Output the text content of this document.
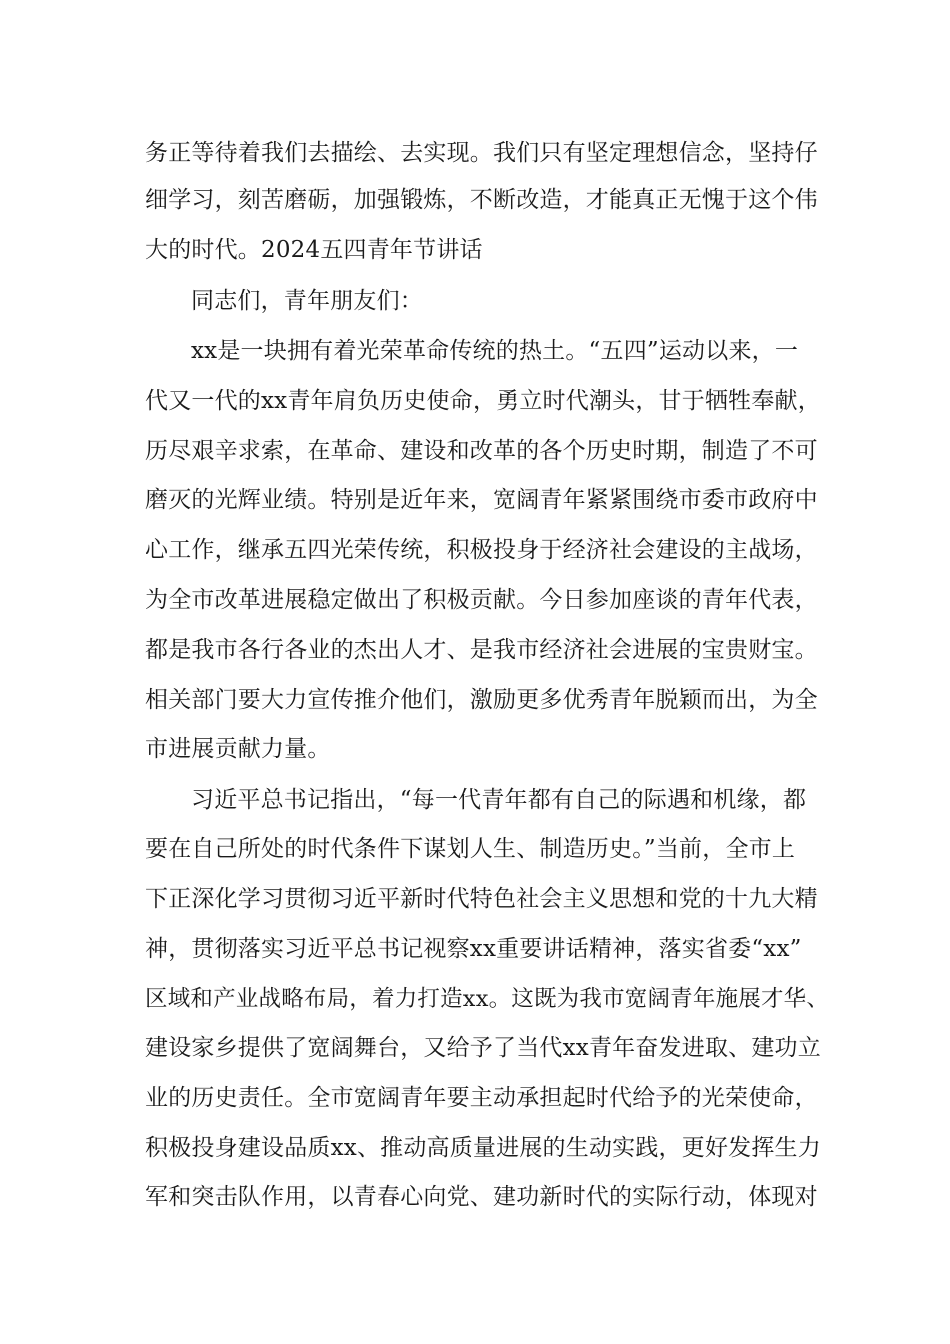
务正等待着我们去描绘、去实现。我们只有坚定理想信念，坚持仔
细学习，刻苦磨砺，加强锻炼，不断改造，才能真正无愧于这个伟
大的时代。2024五四青年节讲话
同志们，青年朋友们：
xx是一块拥有着光荣革命传统的热土。“五四”运动以来，一
代又一代的xx青年肩负历史使命，勇立时代潮头，甘于牺牲奉献，
历尽艰辛求索，在革命、建设和改革的各个历史时期，制造了不可
磨灭的光辉业绩。特别是近年来，宽阔青年紧紧围绕市委市政府中
心工作，继承五四光荣传统，积极投身于经济社会建设的主战场，
为全市改革进展稳定做出了积极贡献。今日参加座谈的青年代表，
都是我市各行各业的杰出人才、是我市经济社会进展的宝贵财宝。
相关部门要大力宣传推介他们，激励更多优秀青年脱颖而出，为全
市进展贡献力量。
习近平总书记指出，“每一代青年都有自己的际遇和机缘，都
要在自己所处的时代条件下谋划人生、制造历史。”当前，全市上
下正深化学习贯彻习近平新时代特色社会主义思想和党的十九大精
神，贯彻落实习近平总书记视察xx重要讲话精神，落实省委“xx”
区域和产业战略布局，着力打造xx。这既为我市宽阔青年施展才华、
建设家乡提供了宽阔舞台，又给予了当代xx青年奋发进取、建功立
业的历史责任。全市宽阔青年要主动承担起时代给予的光荣使命，
积极投身建设品质xx、推动高质量进展的生动实践，更好发挥生力
军和突击队作用，以青春心向党、建功新时代的实际行动，体现对
